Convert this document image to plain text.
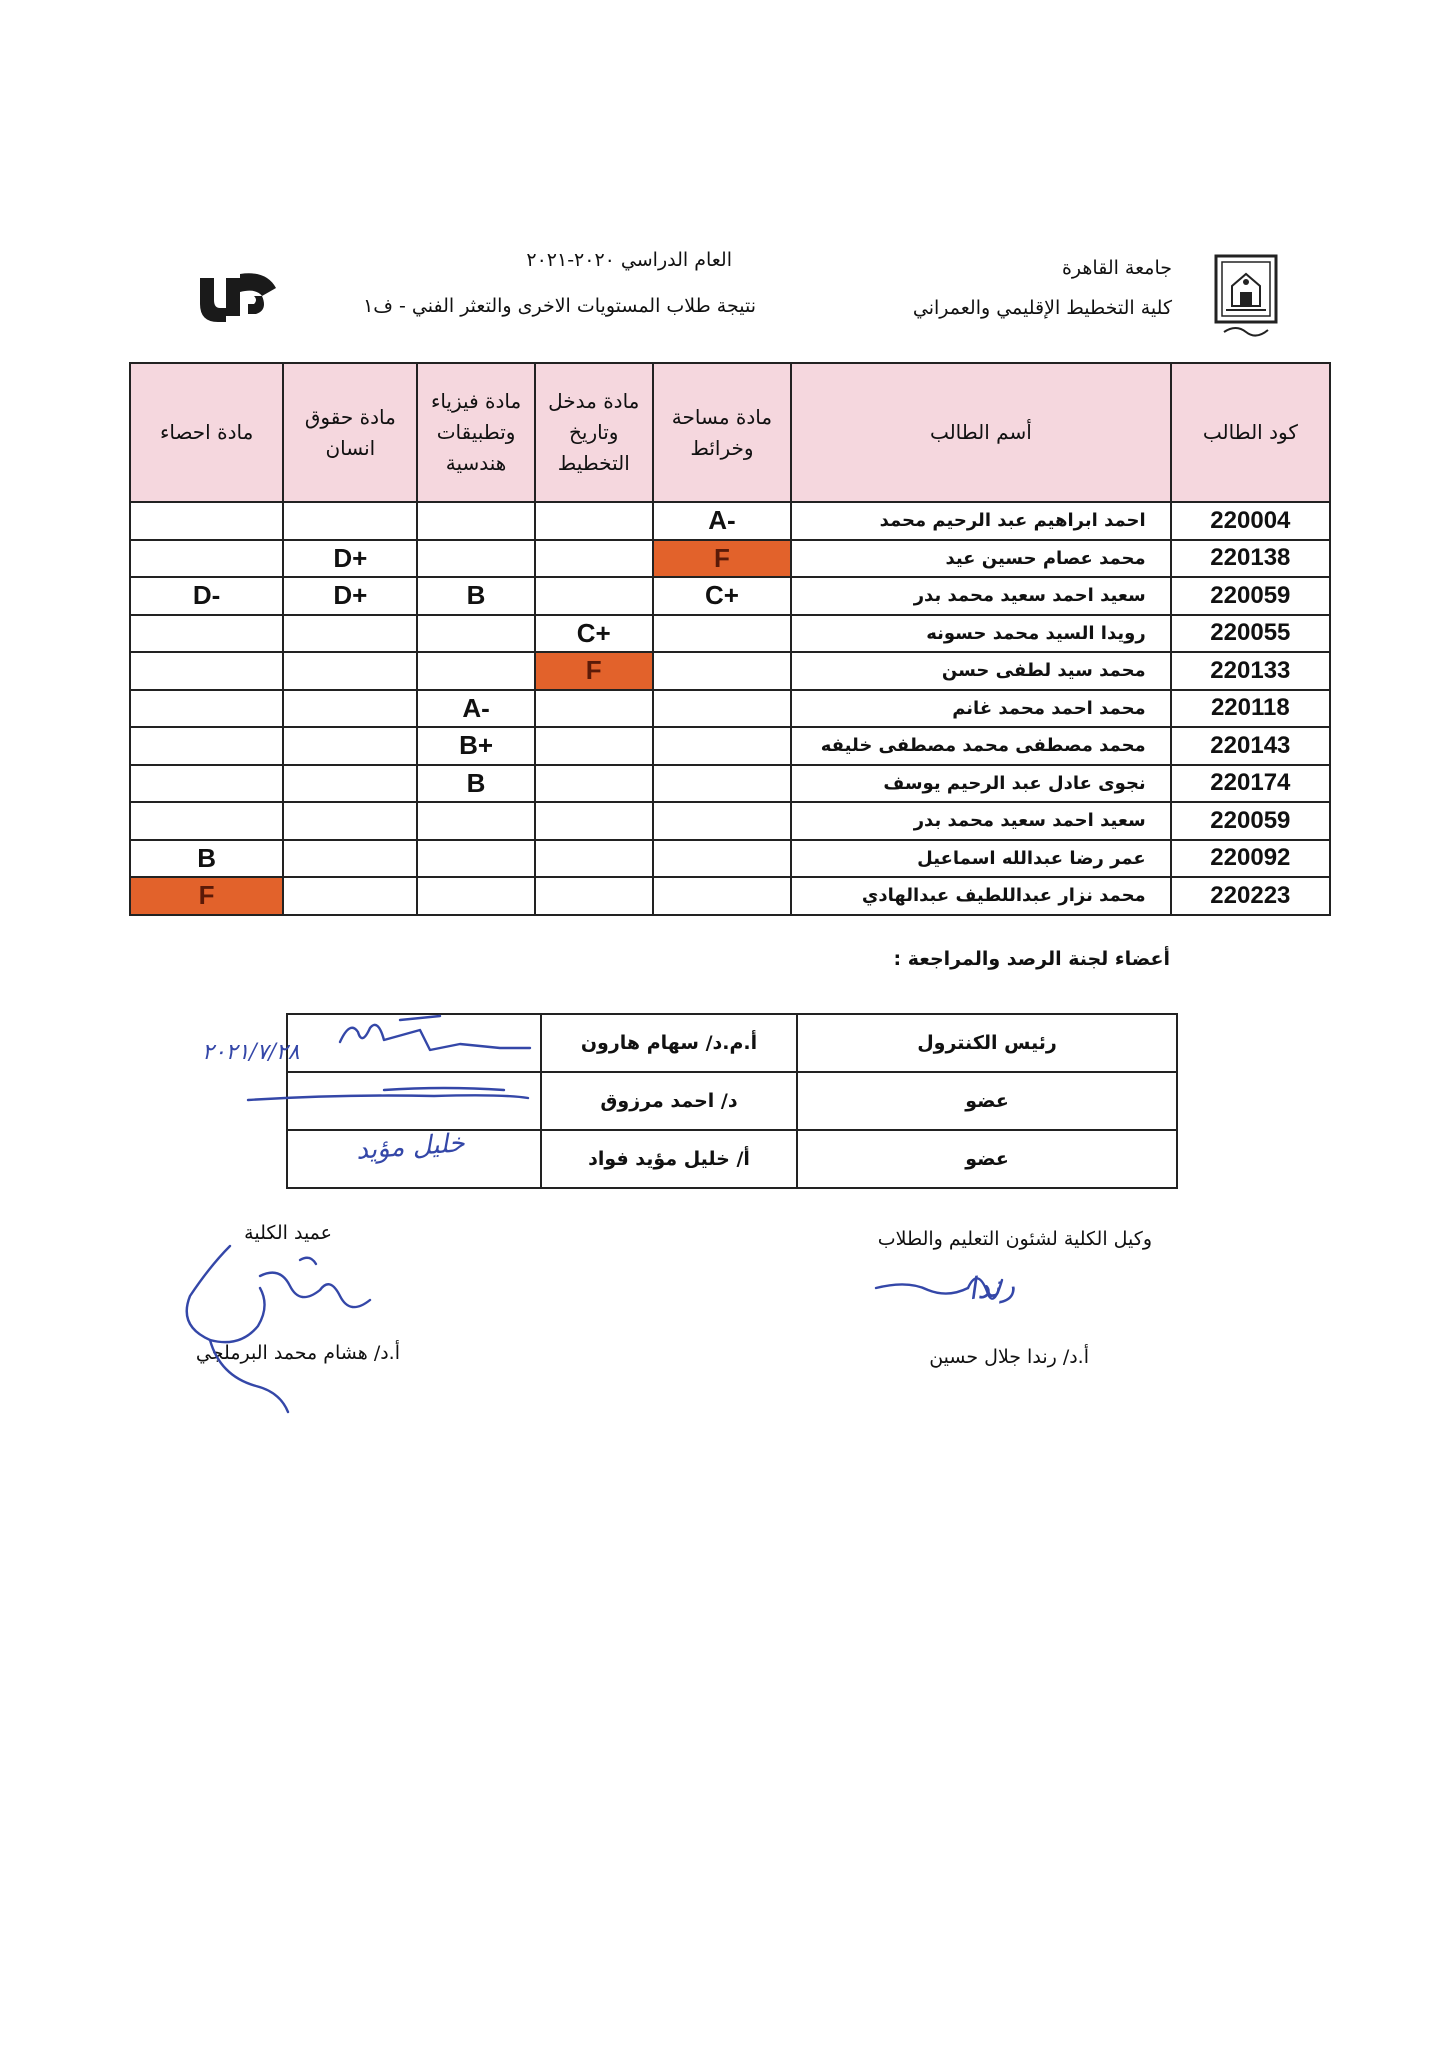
جامعة القاهرة
كلية التخطيط الإقليمي والعمراني
العام الدراسي ٢٠٢٠-٢٠٢١
نتيجة طلاب المستويات الاخرى والتعثر الفني - ف١
مادة احصاء	مادة حقوق انسان	مادة فيزياء وتطبيقات هندسية	مادة مدخل وتاريخ التخطيط	مادة مساحة وخرائط	أسم الطالب	كود الطالب

				A-	احمد ابراهيم عبد الرحيم محمد	220004
	D+			F	محمد عصام حسين عيد	220138
D-	D+	B		C+	سعيد احمد سعيد محمد بدر	220059
			C+		رويدا السيد محمد حسونه	220055
			F		محمد سيد لطفى حسن	220133
		A-			محمد احمد محمد غانم	220118
		B+			محمد مصطفى محمد مصطفى خليفه	220143
		B			نجوى عادل عبد الرحيم يوسف	220174
					سعيد احمد سعيد محمد بدر	220059
B					عمر رضا عبدالله اسماعيل	220092
F					محمد نزار عبداللطيف عبدالهادي	220223
أعضاء لجنة الرصد والمراجعة :
	أ.م.د/ سهام هارون	رئيس الكنترول
	د/ احمد مرزوق	عضو
	أ/ خليل مؤيد فواد	عضو
٢٠٢١/٧/٢٨
خليل مؤيد
وكيل الكلية لشئون التعليم والطلاب
أ.د/ رندا جلال حسين
رندا
عميد الكلية
أ.د/ هشام محمد البرملجي
